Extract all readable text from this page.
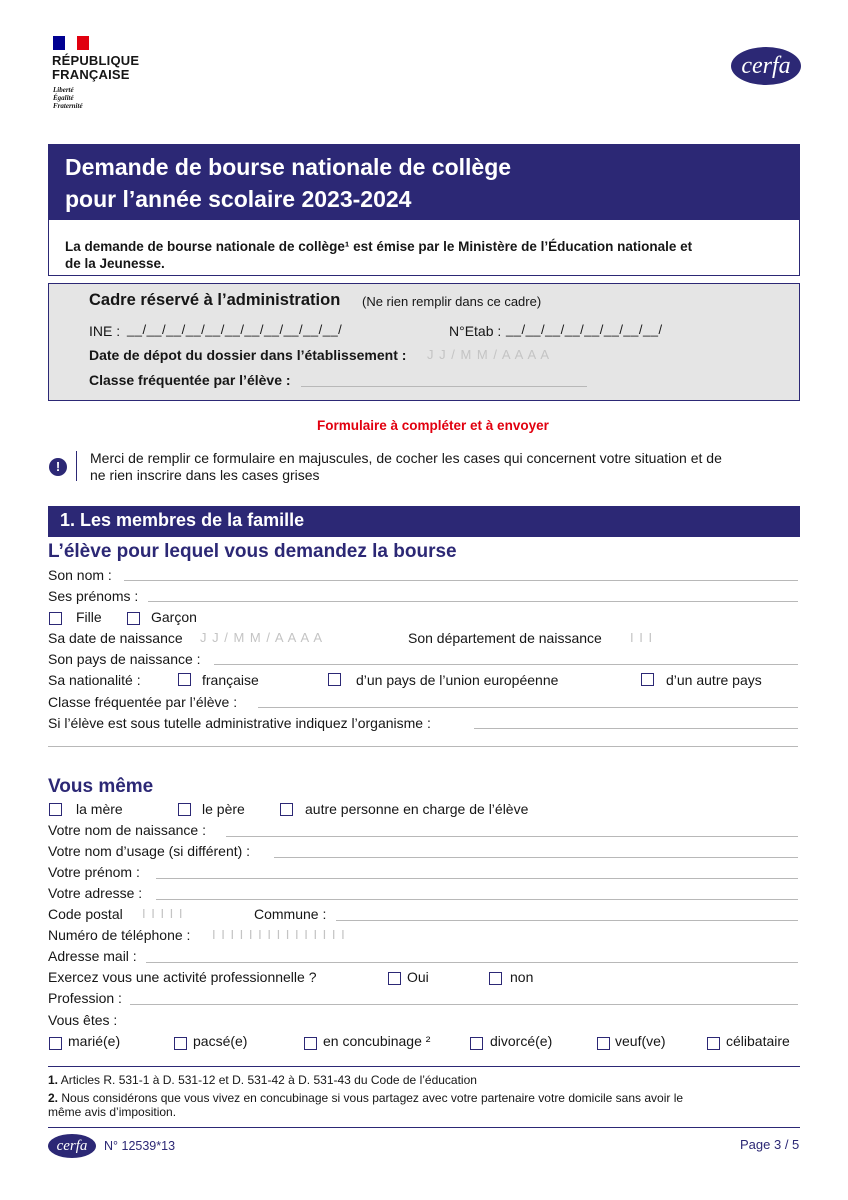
RÉPUBLIQUE
FRANÇAISE
Liberté
Égalité
Fraternité
cerfa
Demande de bourse nationale de collège
pour l’année scolaire 2023-2024
La demande de bourse nationale de collège¹ est émise par le Ministère de l’Éducation nationale et
de la Jeunesse.
Cadre réservé à l’administration (Ne rien remplir dans ce cadre)
INE : __/__/__/__/__/__/__/__/__/__/__/	N°Etab : __/__/__/__/__/__/__/__/
Date de dépot du dossier dans l’établissement : J J / M M / A A A A
Classe fréquentée par l’élève :
Formulaire à compléter et à envoyer
!
Merci de remplir ce formulaire en majuscules, de cocher les cases qui concernent votre situation et de
ne rien inscrire dans les cases grises
1. Les membres de la famille
L’élève pour lequel vous demandez la bourse
Son nom :
Ses prénoms :
Fille	Garçon
Sa date de naissance J J / M M / A A A A	Son département de naissance I I I
Son pays de naissance :
Sa nationalité :	française	d’un pays de l’union européenne	d’un autre pays
Classe fréquentée par l’élève :
Si l’élève est sous tutelle administrative indiquez l’organisme :
Vous même
la mère	le père	autre personne en charge de l’élève
Votre nom de naissance :
Votre nom d’usage (si différent) :
Votre prénom :
Votre adresse :
Code postal I I I I I	Commune :
Numéro de téléphone : I I I I I I I I I I I I I I I
Adresse mail :
Exercez vous une activité professionnelle ?	Oui	non
Profession :
Vous êtes :
marié(e)	pacsé(e)	en concubinage ²	divorcé(e)	veuf(ve)	célibataire
1. Articles R. 531-1 à D. 531-12 et D. 531-42 à D. 531-43 du Code de l’éducation
2. Nous considérons que vous vivez en concubinage si vous partagez avec votre partenaire votre domicile sans avoir le
même avis d’imposition.
cerfa	N° 12539*13	Page 3 / 5
